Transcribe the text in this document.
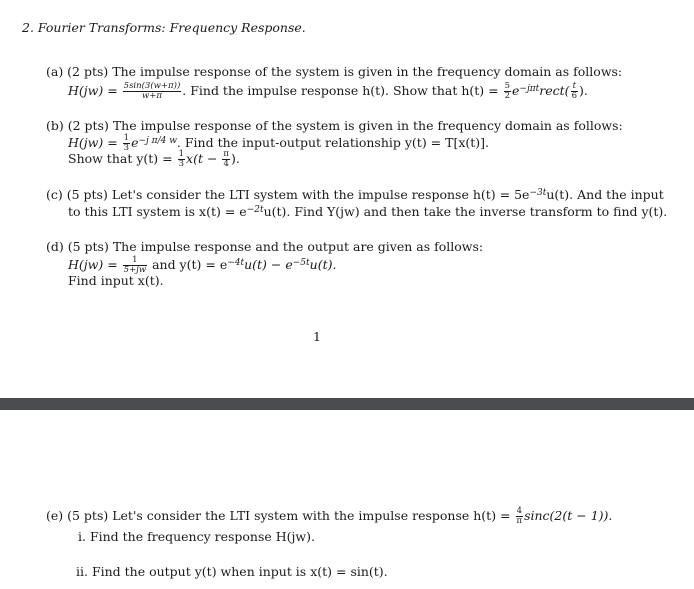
2. Fourier Transforms: Frequency Response.
(a) (2 pts) The impulse response of the system is given in the frequency domain as follows:
$H(jw) = \frac{5\sin(3(w+\pi))}{w+\pi}$ . Find the impulse response h(t). Show that $h(t) = \frac{5}{2}$ $e^{-j\pi t}rect( \frac{t}{6}$ ).
(b) (2 pts) The impulse response of the system is given in the frequency domain as follows:
$H(jw) = \frac{1}{3} e^{-j \pi/4 w}$. Find the input-output relationship y(t) = T[x(t)].
Show that $y(t) = \frac{1}{3} x(t - \frac{\pi}{4}$ ).
(c) (5 pts) Let's consider the LTI system with the impulse response $h(t) = 5e^{-3t}u(t)$. And the input
to this LTI system is $x(t) = e^{-2t}u(t)$. Find Y(jw) and then take the inverse transform to find y(t).
(d) (5 pts) The impulse response and the output are given as follows:
$H(jw) = \frac{1}{5+jw}$ and $y(t) = e^{-4t}u(t) - e^{-5t}u(t)$.
Find input x(t).
1
(e) (5 pts) Let's consider the LTI system with the impulse response $h(t) = \frac{4}{\pi} \sin c(2(t - 1))$.
i. Find the frequency response H(jw).
ii. Find the output y(t) when input is x(t) = sin(t).
